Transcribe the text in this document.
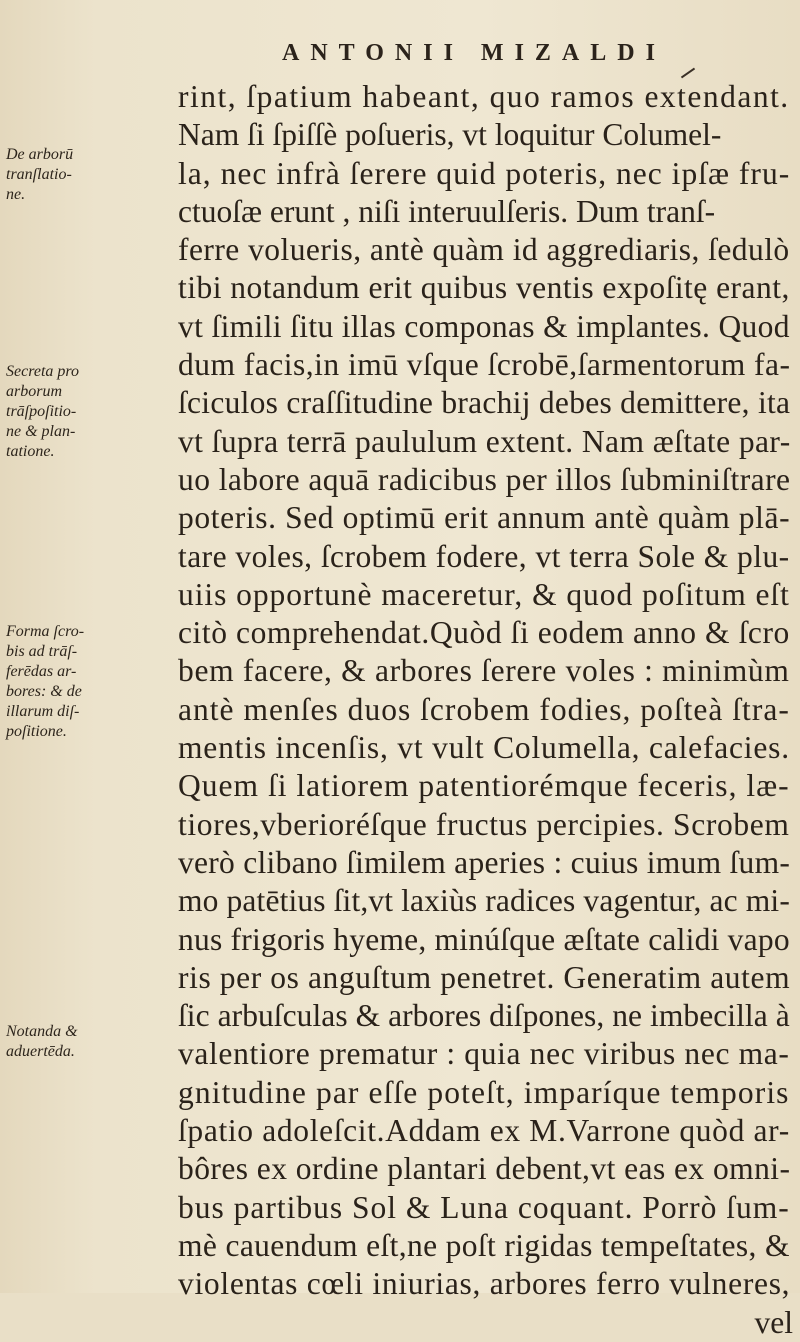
ANTONII MIZALDI
rint, ſpatium habeant, quo ramos extendant.
Nam ſi ſpiſſè poſueris, vt loquitur Columel-
la, nec infrà ſerere quid poteris, nec ipſæ fru-
ctuoſæ erunt , niſi interuulſeris. Dum tranſ-
ferre volueris, antè quàm id aggrediaris, ſedulò
tibi notandum erit quibus ventis expoſitę erant,
vt ſimili ſitu illas componas & implantes. Quod
dum facis,in imū vſque ſcrobē,ſarmentorum fa-
ſciculos craſſitudine brachij debes demittere, ita
vt ſupra terrā paululum extent. Nam æſtate par-
uo labore aquā radicibus per illos ſubminiſtrare
poteris. Sed optimū erit annum antè quàm plā-
tare voles, ſcrobem fodere, vt terra Sole & plu-
uiis opportunè maceretur, & quod poſitum eſt
citò comprehendat.Quòd ſi eodem anno & ſcro
bem facere, & arbores ſerere voles : minimùm
antè menſes duos ſcrobem fodies, poſteà ſtra-
mentis incenſis, vt vult Columella, calefacies.
Quem ſi latiorem patentiorémque feceris, læ-
tiores,vberioréſque fructus percipies. Scrobem
verò clibano ſimilem aperies : cuius imum ſum-
mo patētius ſit,vt laxiùs radices vagentur, ac mi-
nus frigoris hyeme, minúſque æſtate calidi vapo
ris per os anguſtum penetret. Generatim autem
ſic arbuſculas & arbores diſpones, ne imbecilla à
valentiore prematur : quia nec viribus nec ma-
gnitudine par eſſe poteſt, imparíque temporis
ſpatio adoleſcit.Addam ex M.Varrone quòd ar-
bôres ex ordine plantari debent,vt eas ex omni-
bus partibus Sol & Luna coquant. Porrò ſum-
mè cauendum eſt,ne poſt rigidas tempeſtates, &
violentas cœli iniurias, arbores ferro vulneres,
vel
De arborū
tranſlatio-
ne.
Secreta pro
arborum
trāſpoſitio-
ne & plan-
tatione.
Forma ſcro-
bis ad trāſ-
ferēdas ar-
bores: & de
illarum diſ-
poſitione.
Notanda &
aduertēda.
